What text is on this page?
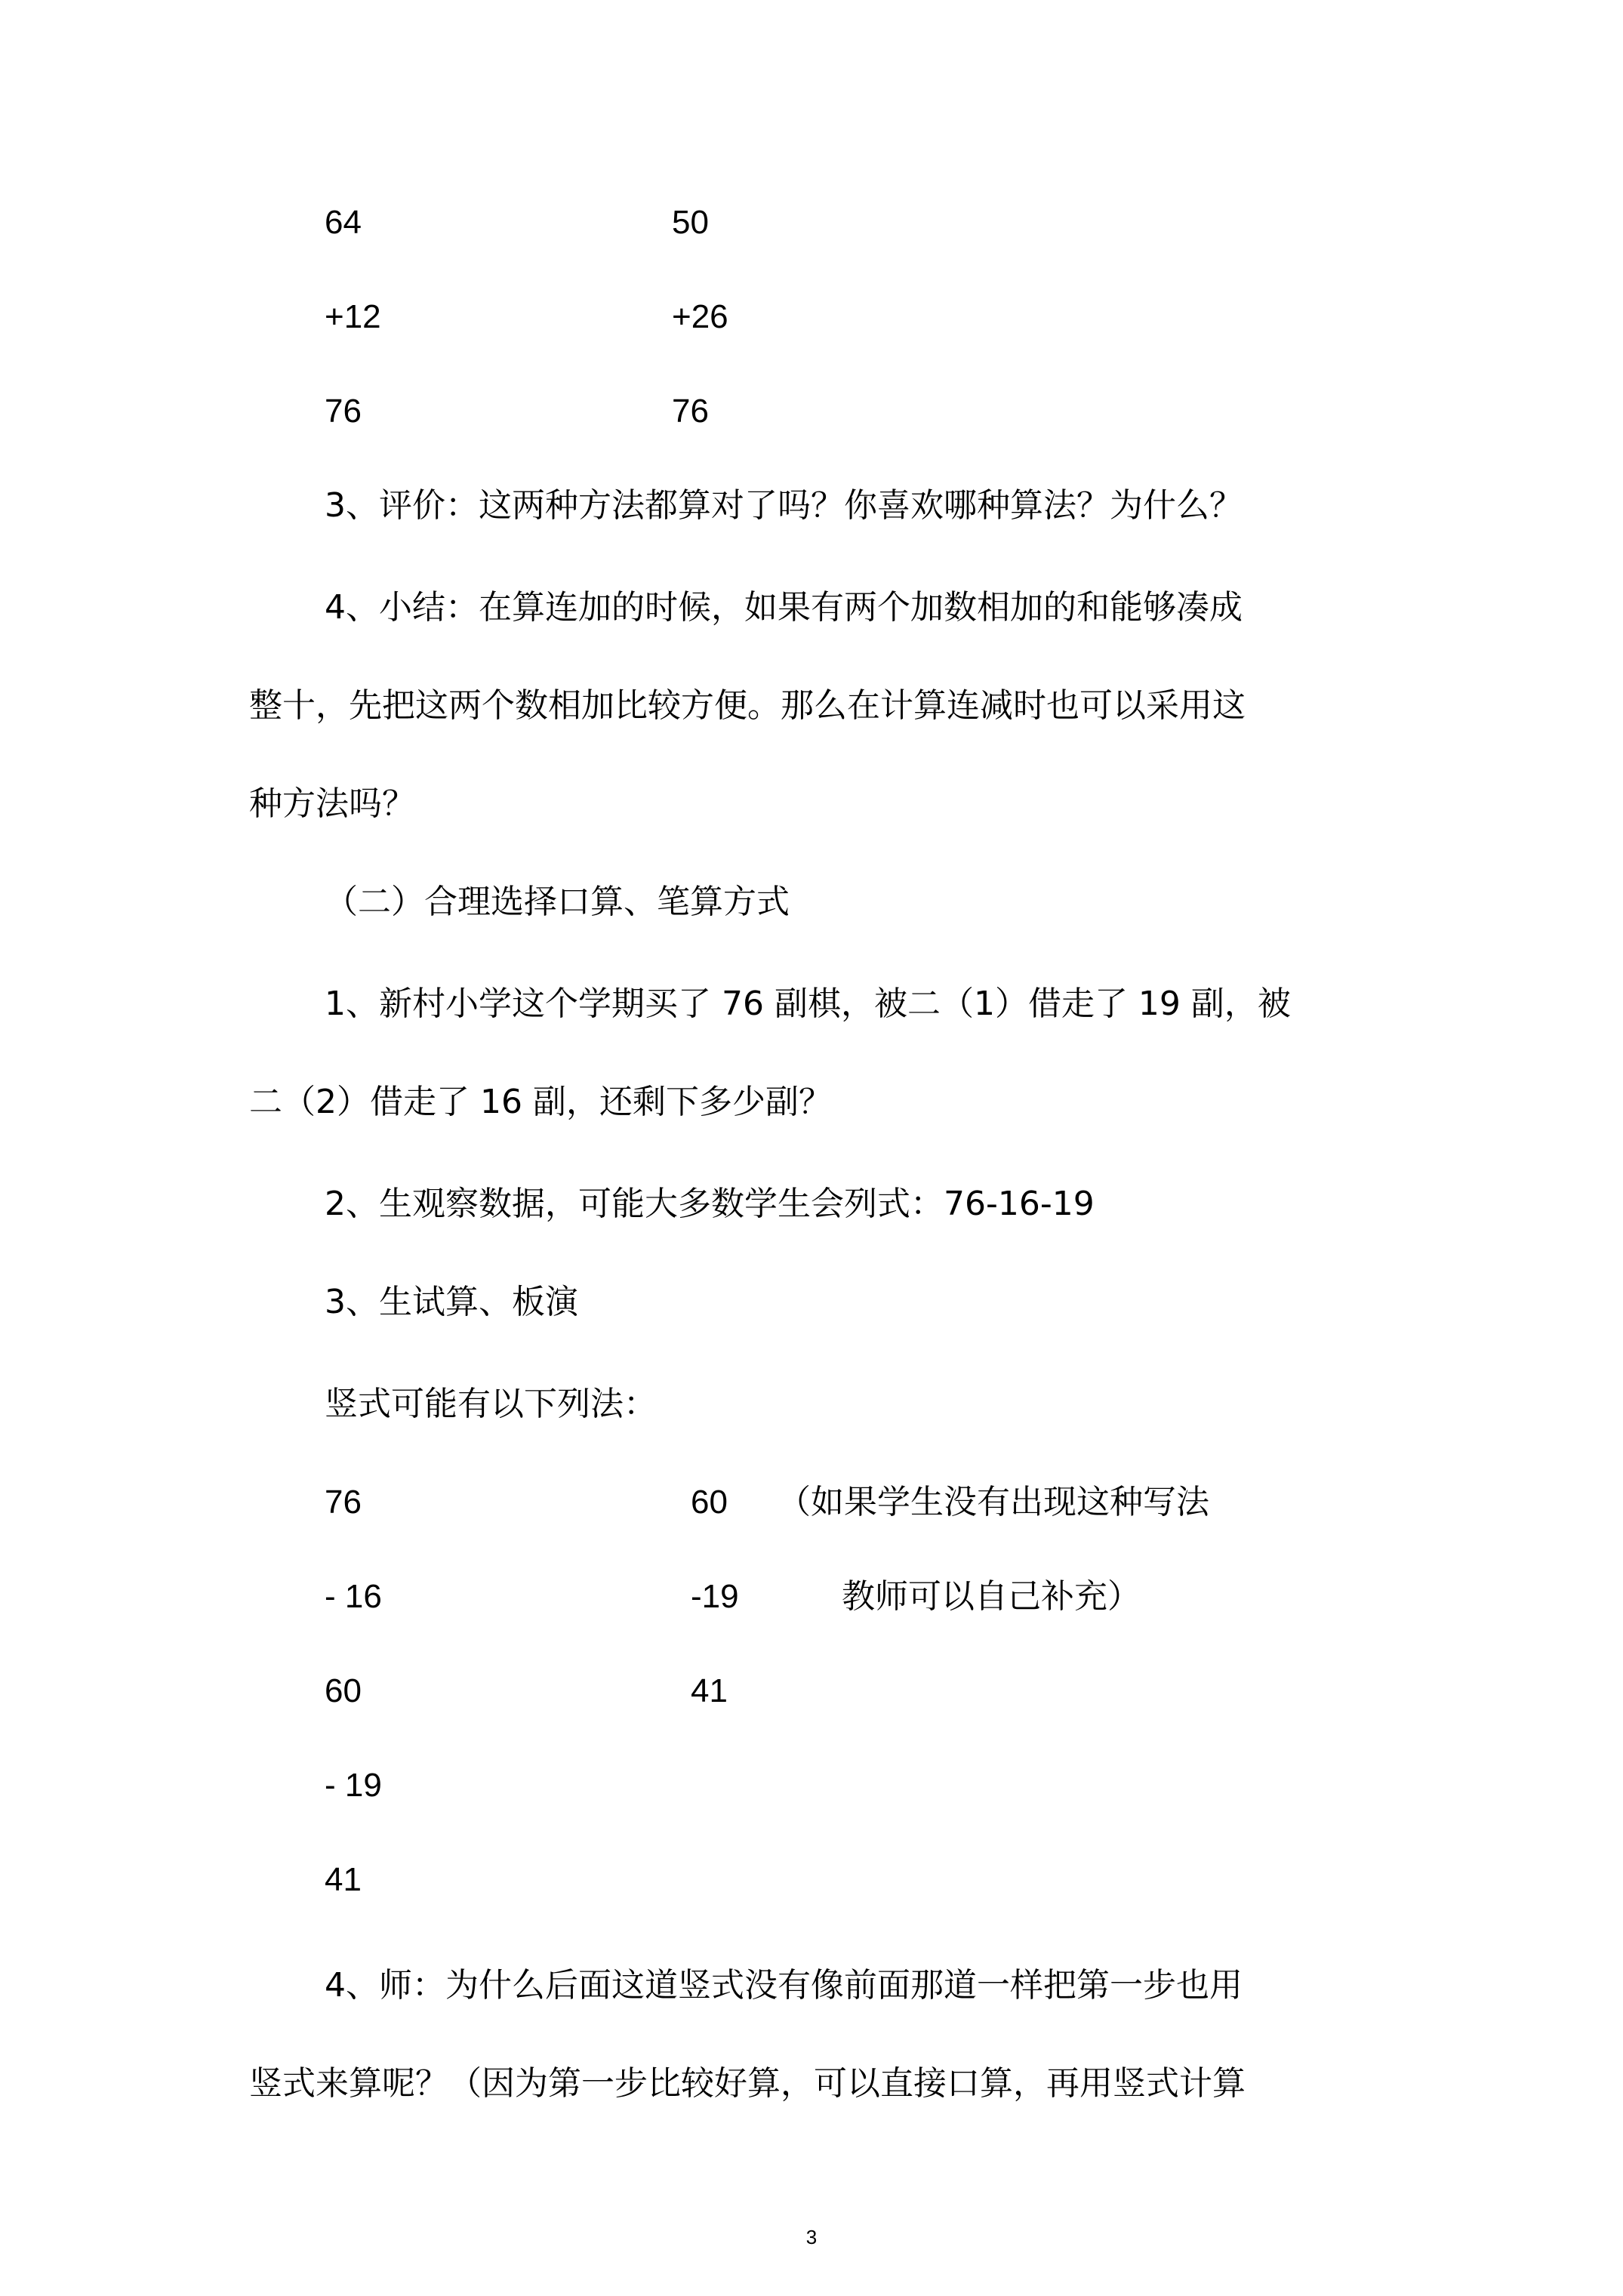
64	50
+12	+26
76	76
3、评价：这两种方法都算对了吗？你喜欢哪种算法？为什么？
4、小结：在算连加的时候，如果有两个加数相加的和能够凑成
整十，先把这两个数相加比较方便。那么在计算连减时也可以采用这
种方法吗？
（二）合理选择口算、笔算方式
1、新村小学这个学期买了 76 副棋，被二（1）借走了 19 副，被
二（2）借走了 16 副，还剩下多少副？
2、生观察数据，可能大多数学生会列式：76-16-19
3、生试算、板演
竖式可能有以下列法：
76	60 （如果学生没有出现这种写法
- 16	-19	教师可以自己补充）
60	41
- 19
41
4、师：为什么后面这道竖式没有像前面那道一样把第一步也用
竖式来算呢？（因为第一步比较好算，可以直接口算，再用竖式计算
3
